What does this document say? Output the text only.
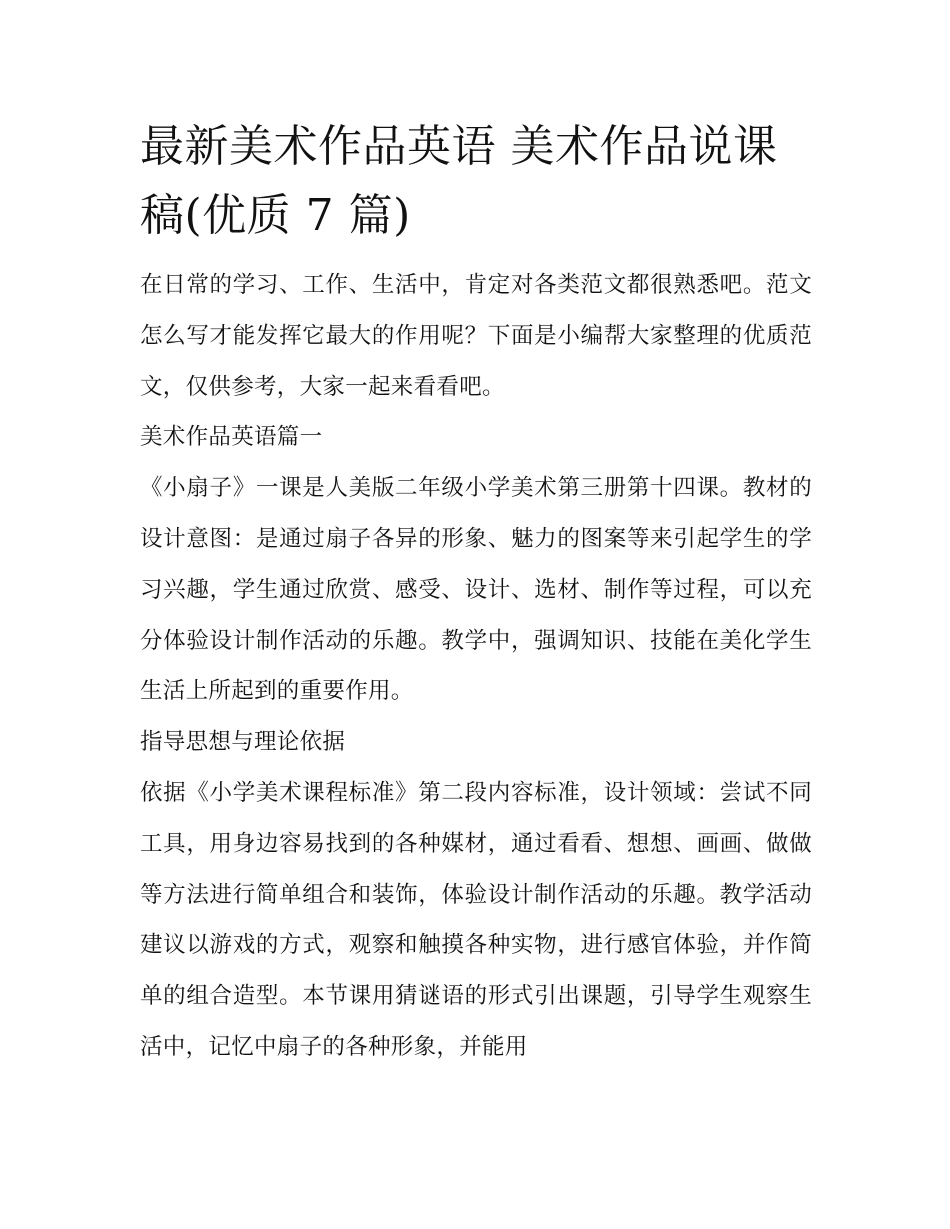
最新美术作品英语 美术作品说课稿(优质 7 篇)

在日常的学习、工作、生活中，肯定对各类范文都很熟悉吧。范文怎么写才能发挥它最大的作用呢？下面是小编帮大家整理的优质范文，仅供参考，大家一起来看看吧。

美术作品英语篇一

《小扇子》一课是人美版二年级小学美术第三册第十四课。教材的设计意图：是通过扇子各异的形象、魅力的图案等来引起学生的学习兴趣，学生通过欣赏、感受、设计、选材、制作等过程，可以充分体验设计制作活动的乐趣。教学中，强调知识、技能在美化学生生活上所起到的重要作用。

指导思想与理论依据

依据《小学美术课程标准》第二段内容标准，设计领域：尝试不同工具，用身边容易找到的各种媒材，通过看看、想想、画画、做做等方法进行简单组合和装饰，体验设计制作活动的乐趣。教学活动建议以游戏的方式，观察和触摸各种实物，进行感官体验，并作简单的组合造型。本节课用猜谜语的形式引出课题，引导学生观察生活中，记忆中扇子的各种形象，并能用
